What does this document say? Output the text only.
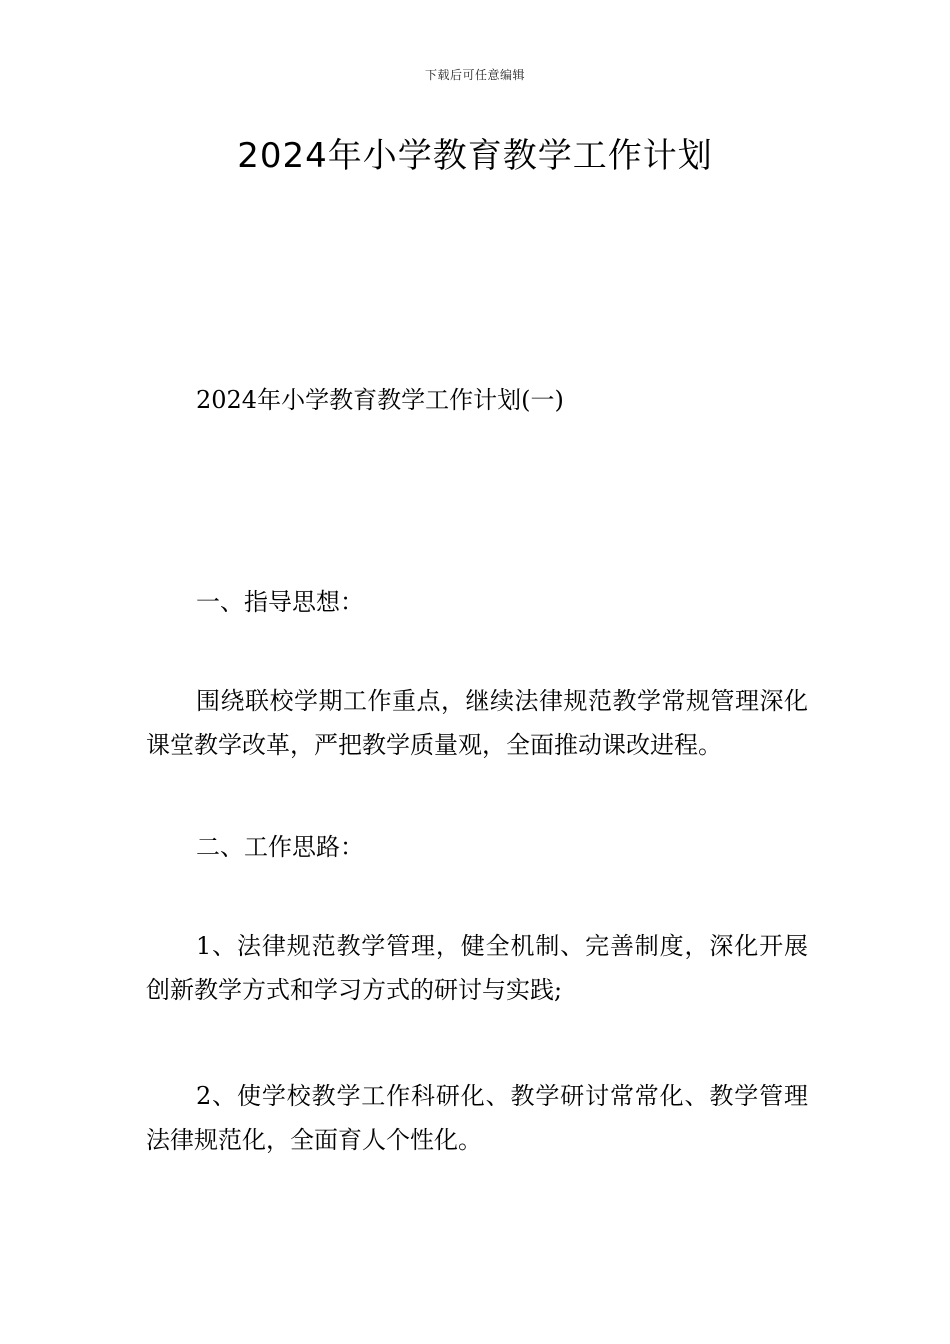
下载后可任意编辑
2024年小学教育教学工作计划

2024年小学教育教学工作计划(一)

一、指导思想：

围绕联校学期工作重点，继续法律规范教学常规管理深化课堂教学改革，严把教学质量观，全面推动课改进程。

二、工作思路：

1、法律规范教学管理，健全机制、完善制度，深化开展创新教学方式和学习方式的研讨与实践;

2、使学校教学工作科研化、教学研讨常常化、教学管理法律规范化，全面育人个性化。
